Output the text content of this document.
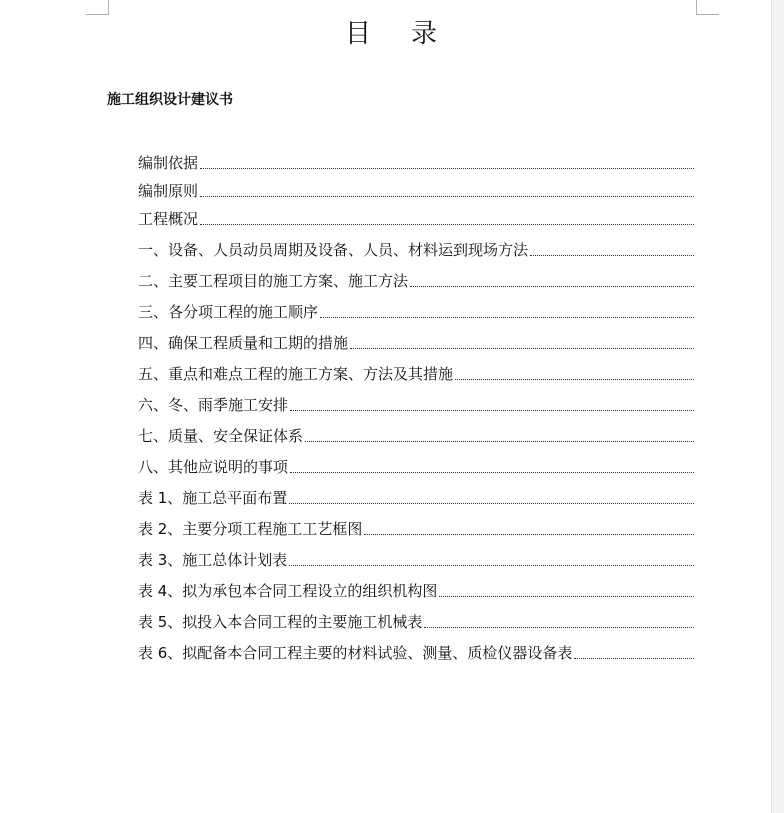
目 录
施工组织设计建议书
编制依据
编制原则
工程概况
一、设备、人员动员周期及设备、人员、材料运到现场方法
二、主要工程项目的施工方案、施工方法
三、各分项工程的施工顺序
四、确保工程质量和工期的措施
五、重点和难点工程的施工方案、方法及其措施
六、冬、雨季施工安排
七、质量、安全保证体系
八、其他应说明的事项
表 1、施工总平面布置
表 2、主要分项工程施工工艺框图
表 3、施工总体计划表
表 4、拟为承包本合同工程设立的组织机构图
表 5、拟投入本合同工程的主要施工机械表
表 6、拟配备本合同工程主要的材料试验、测量、质检仪器设备表
